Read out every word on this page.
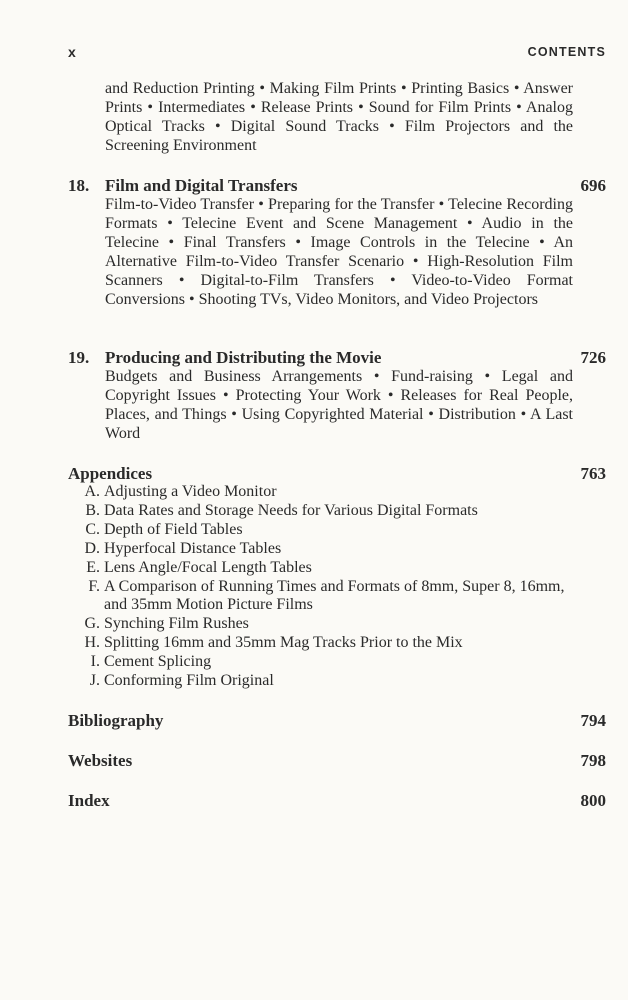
x	CONTENTS
and Reduction Printing • Making Film Prints • Printing Basics • Answer Prints • Intermediates • Release Prints • Sound for Film Prints • Analog Optical Tracks • Digital Sound Tracks • Film Projectors and the Screening Environment
18. Film and Digital Transfers	696
Film-to-Video Transfer • Preparing for the Transfer • Telecine Recording Formats • Telecine Event and Scene Management • Audio in the Telecine • Final Transfers • Image Controls in the Telecine • An Alternative Film-to-Video Transfer Scenario • High-Resolution Film Scanners • Digital-to-Film Transfers • Video-to-Video Format Conversions • Shooting TVs, Video Monitors, and Video Projectors
19. Producing and Distributing the Movie	726
Budgets and Business Arrangements • Fund-raising • Legal and Copyright Issues • Protecting Your Work • Releases for Real People, Places, and Things • Using Copyrighted Material • Distribution • A Last Word
Appendices	763
A. Adjusting a Video Monitor
B. Data Rates and Storage Needs for Various Digital Formats
C. Depth of Field Tables
D. Hyperfocal Distance Tables
E. Lens Angle/Focal Length Tables
F. A Comparison of Running Times and Formats of 8mm, Super 8, 16mm, and 35mm Motion Picture Films
G. Synching Film Rushes
H. Splitting 16mm and 35mm Mag Tracks Prior to the Mix
I. Cement Splicing
J. Conforming Film Original
Bibliography	794
Websites	798
Index	800
